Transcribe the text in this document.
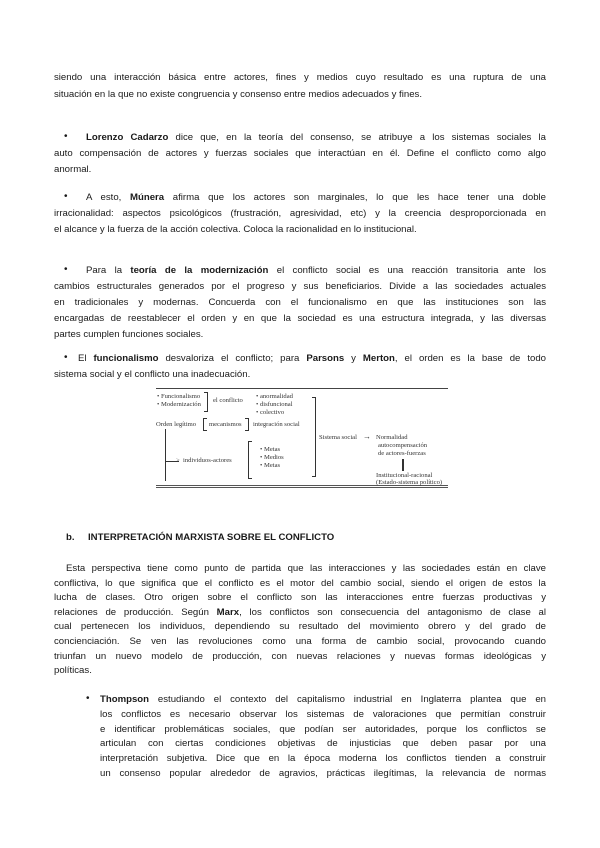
siendo una interacción básica entre actores, fines y medios cuyo resultado es una ruptura de una
situación en la que no existe congruencia y consenso entre medios adecuados y fines.
• Lorenzo Cadarzo dice que, en la teoría del consenso, se atribuye a los sistemas sociales la
auto compensación de actores y fuerzas sociales que interactúan en él. Define el conflicto como algo
anormal.
• A esto, Múnera afirma que los actores son marginales, lo que les hace tener una doble
irracionalidad: aspectos psicológicos (frustración, agresividad, etc) y la creencia desproporcionada en
el alcance y la fuerza de la acción colectiva. Coloca la racionalidad en lo institucional.
• Para la teoría de la modernización el conflicto social es una reacción transitoria ante los
cambios estructurales generados por el progreso y sus beneficiarios. Divide a las sociedades actuales
en tradicionales y modernas. Concuerda con el funcionalismo en que las instituciones son las
encargadas de reestablecer el orden y en que la sociedad es una estructura integrada, y las diversas
partes cumplen funciones sociales.
• El funcionalismo desvaloriza el conflicto; para Parsons y Merton, el orden es la base de todo
sistema social y el conflicto una inadecuación.
Esta perspectiva tiene como punto de partida que las interacciones y las sociedades están en clave
conflictiva, lo que significa que el conflicto es el motor del cambio social, siendo el origen de estos la
lucha de clases. Otro origen sobre el conflicto son las interacciones entre fuerzas productivas y
relaciones de producción. Según Marx, los conflictos son consecuencia del antagonismo de clase al
cual pertenecen los individuos, dependiendo su resultado del movimiento obrero y del grado de
concienciación. Se ven las revoluciones como una forma de cambio social, provocando cuando
triunfan un nuevo modelo de producción, con nuevas relaciones y nuevas formas ideológicas y
políticas.
• Thompson estudiando el contexto del capitalismo industrial en Inglaterra plantea que en
los conflictos es necesario observar los sistemas de valoraciones que permitían construir
e identificar problemáticas sociales, que podían ser autoridades, porque los conflictos se
articulan con ciertas condiciones objetivas de injusticias que deben pasar por una
interpretación subjetiva. Dice que en la época moderna los conflictos tienden a construir
un consenso popular alrededor de agravios, prácticas ilegítimas, la relevancia de normas
b. INTERPRETACIÓN MARXISTA SOBRE EL CONFLICTO
• Funcionalismo
• Modernización
el conflicto
• anormalidad
• disfuncional
• colectivo
Orden legítimo mecanismos integración social
> individuos-actores
• Metas
• Medios
• Metas
Sistema social → Normalidad
autocompensación
de actores-fuerzas
Institucional-racional
(Estado-sistema político)
